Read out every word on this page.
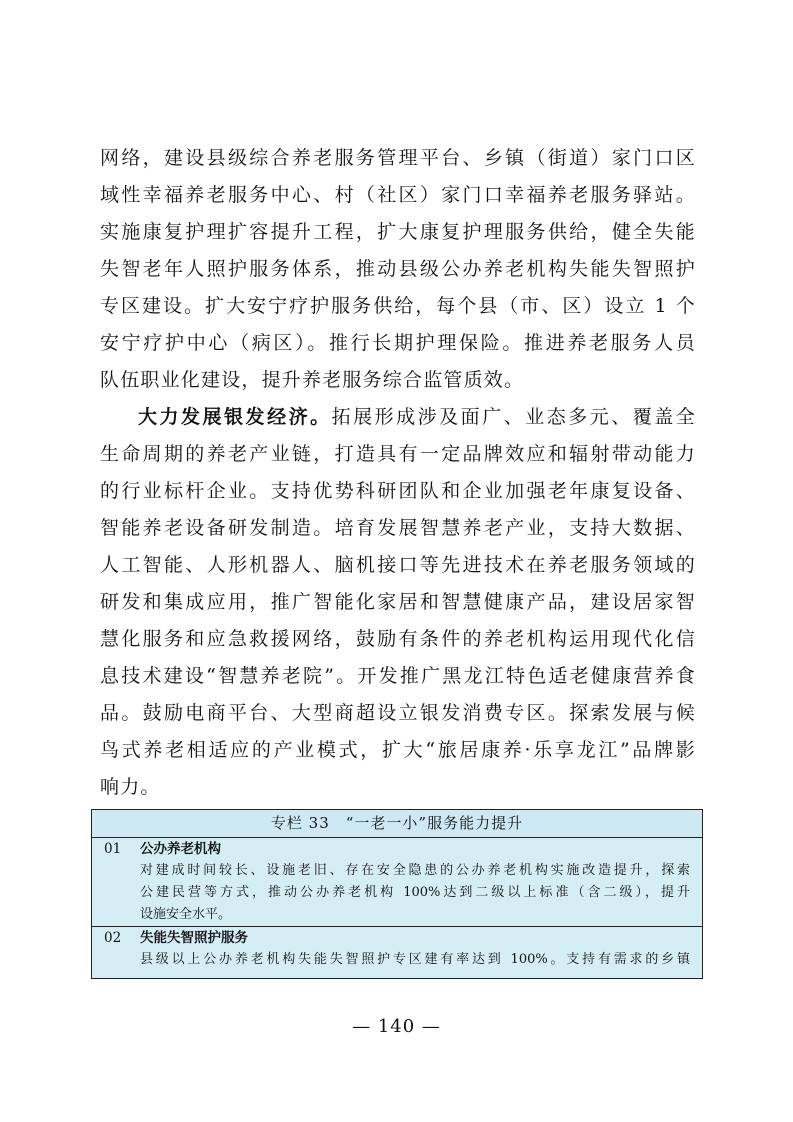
网络，建设县级综合养老服务管理平台、乡镇（街道）家门口区
域性幸福养老服务中心、村（社区）家门口幸福养老服务驿站。
实施康复护理扩容提升工程，扩大康复护理服务供给，健全失能
失智老年人照护服务体系，推动县级公办养老机构失能失智照护
专区建设。扩大安宁疗护服务供给，每个县（市、区）设立 1 个
安宁疗护中心（病区）。推行长期护理保险。推进养老服务人员
队伍职业化建设，提升养老服务综合监管质效。
大力发展银发经济。拓展形成涉及面广、业态多元、覆盖全
生命周期的养老产业链，打造具有一定品牌效应和辐射带动能力
的行业标杆企业。支持优势科研团队和企业加强老年康复设备、
智能养老设备研发制造。培育发展智慧养老产业，支持大数据、
人工智能、人形机器人、脑机接口等先进技术在养老服务领域的
研发和集成应用，推广智能化家居和智慧健康产品，建设居家智
慧化服务和应急救援网络，鼓励有条件的养老机构运用现代化信
息技术建设“智慧养老院”。开发推广黑龙江特色适老健康营养食
品。鼓励电商平台、大型商超设立银发消费专区。探索发展与候
鸟式养老相适应的产业模式，扩大“旅居康养·乐享龙江”品牌影
响力。
专栏 33　“一老一小”服务能力提升
01	公办养老机构
对建成时间较长、设施老旧、存在安全隐患的公办养老机构实施改造提升，探索
公建民营等方式，推动公办养老机构 100%达到二级以上标准（含二级），提升
设施安全水平。
02	失能失智照护服务
县级以上公办养老机构失能失智照护专区建有率达到 100%。支持有需求的乡镇
— 140 —
